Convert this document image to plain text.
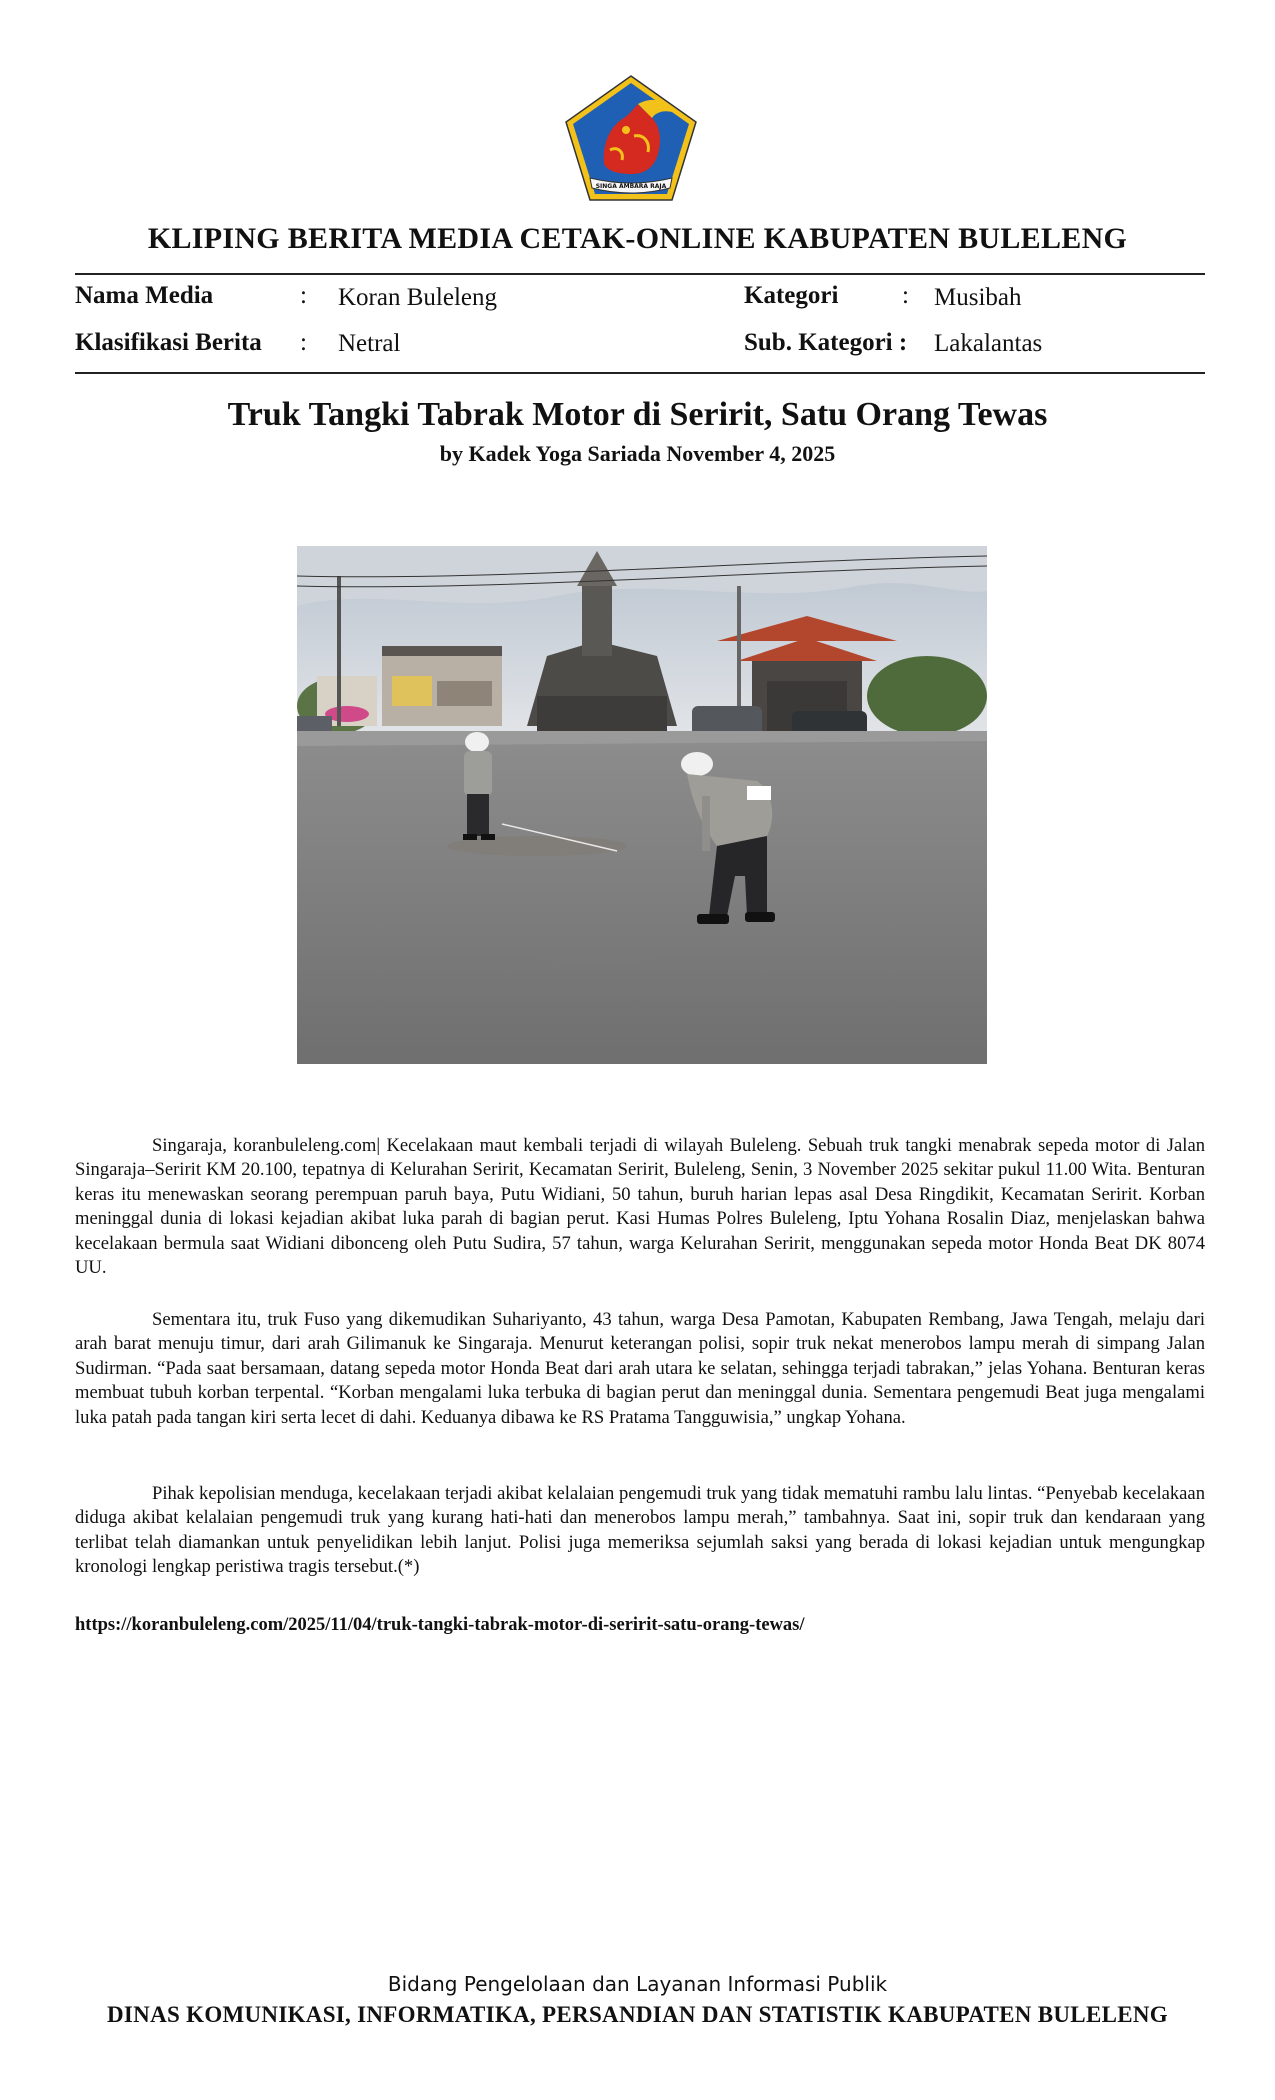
SINGA AMBARA RAJA
KLIPING BERITA MEDIA CETAK-ONLINE KABUPATEN BULELENG
Nama Media	: Koran Buleleng	Kategori	: Musibah
Klasifikasi Berita : Netral	Sub. Kategori : Lakalantas
Truk Tangki Tabrak Motor di Seririt, Satu Orang Tewas
by Kadek Yoga Sariada November 4, 2025

Singaraja, koranbuleleng.com| Kecelakaan maut kembali terjadi di wilayah Buleleng. Sebuah truk tangki menabrak sepeda motor di Jalan Singaraja–Seririt KM 20.100, tepatnya di Kelurahan Seririt, Kecamatan Seririt, Buleleng, Senin, 3 November 2025 sekitar pukul 11.00 Wita. Benturan keras itu menewaskan seorang perempuan paruh baya, Putu Widiani, 50 tahun, buruh harian lepas asal Desa Ringdikit, Kecamatan Seririt. Korban meninggal dunia di lokasi kejadian akibat luka parah di bagian perut. Kasi Humas Polres Buleleng, Iptu Yohana Rosalin Diaz, menjelaskan bahwa kecelakaan bermula saat Widiani dibonceng oleh Putu Sudira, 57 tahun, warga Kelurahan Seririt, menggunakan sepeda motor Honda Beat DK 8074 UU.

Sementara itu, truk Fuso yang dikemudikan Suhariyanto, 43 tahun, warga Desa Pamotan, Kabupaten Rembang, Jawa Tengah, melaju dari arah barat menuju timur, dari arah Gilimanuk ke Singaraja. Menurut keterangan polisi, sopir truk nekat menerobos lampu merah di simpang Jalan Sudirman. “Pada saat bersamaan, datang sepeda motor Honda Beat dari arah utara ke selatan, sehingga terjadi tabrakan,” jelas Yohana. Benturan keras membuat tubuh korban terpental. “Korban mengalami luka terbuka di bagian perut dan meninggal dunia. Sementara pengemudi Beat juga mengalami luka patah pada tangan kiri serta lecet di dahi. Keduanya dibawa ke RS Pratama Tangguwisia,” ungkap Yohana.

Pihak kepolisian menduga, kecelakaan terjadi akibat kelalaian pengemudi truk yang tidak mematuhi rambu lalu lintas. “Penyebab kecelakaan diduga akibat kelalaian pengemudi truk yang kurang hati-hati dan menerobos lampu merah,” tambahnya. Saat ini, sopir truk dan kendaraan yang terlibat telah diamankan untuk penyelidikan lebih lanjut. Polisi juga memeriksa sejumlah saksi yang berada di lokasi kejadian untuk mengungkap kronologi lengkap peristiwa tragis tersebut.(*)

https://koranbuleleng.com/2025/11/04/truk-tangki-tabrak-motor-di-seririt-satu-orang-tewas/
Bidang Pengelolaan dan Layanan Informasi Publik
DINAS KOMUNIKASI, INFORMATIKA, PERSANDIAN DAN STATISTIK KABUPATEN BULELENG
